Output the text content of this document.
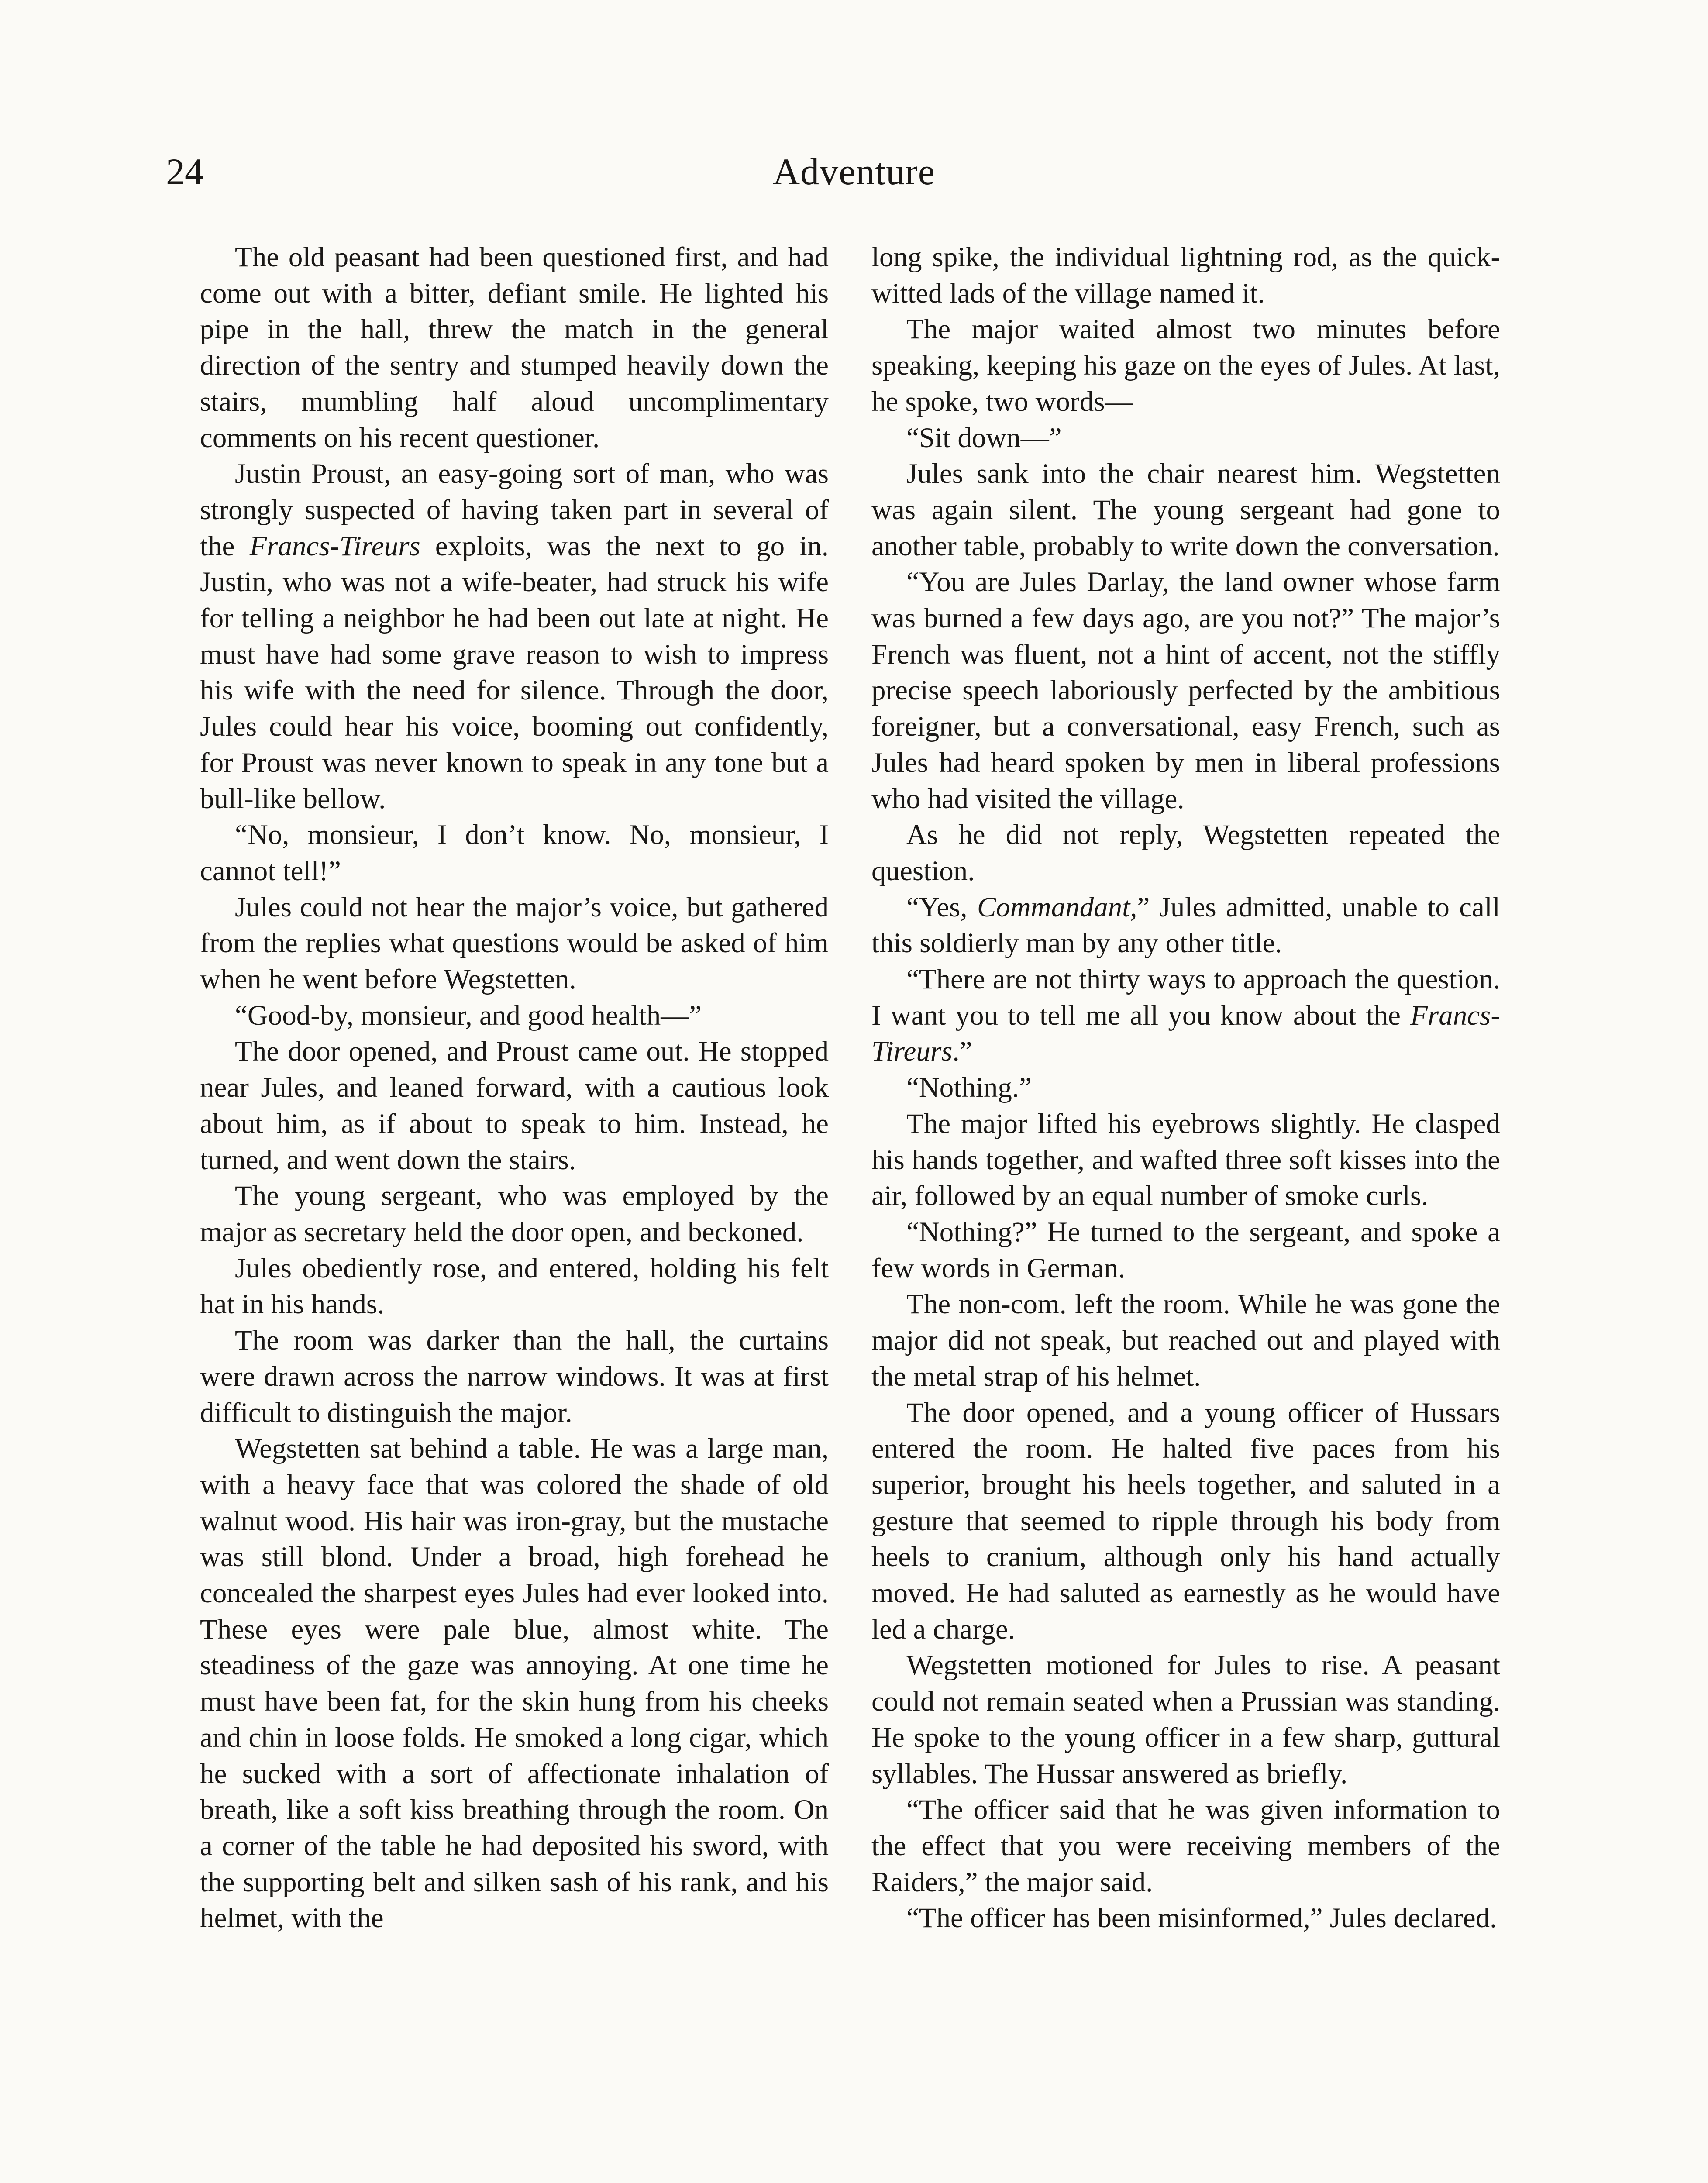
24	Adventure

The old peasant had been questioned first, and had come out with a bitter, defiant smile. He lighted his pipe in the hall, threw the match in the general direction of the sentry and stumped heavily down the stairs, mumbling half aloud uncomplimentary comments on his recent questioner.

Justin Proust, an easy-going sort of man, who was strongly suspected of having taken part in several of the Francs-Tireurs exploits, was the next to go in. Justin, who was not a wife-beater, had struck his wife for telling a neighbor he had been out late at night. He must have had some grave reason to wish to impress his wife with the need for silence. Through the door, Jules could hear his voice, booming out confidently, for Proust was never known to speak in any tone but a bull-like bellow.

“No, monsieur, I don’t know. No, monsieur, I cannot tell!”

Jules could not hear the major’s voice, but gathered from the replies what questions would be asked of him when he went before Wegstetten.

“Good-by, monsieur, and good health—”

The door opened, and Proust came out. He stopped near Jules, and leaned forward, with a cautious look about him, as if about to speak to him. Instead, he turned, and went down the stairs.

The young sergeant, who was employed by the major as secretary held the door open, and beckoned.

Jules obediently rose, and entered, holding his felt hat in his hands.

The room was darker than the hall, the curtains were drawn across the narrow windows. It was at first difficult to distinguish the major.

Wegstetten sat behind a table. He was a large man, with a heavy face that was colored the shade of old walnut wood. His hair was iron-gray, but the mustache was still blond. Under a broad, high forehead he concealed the sharpest eyes Jules had ever looked into. These eyes were pale blue, almost white. The steadiness of the gaze was annoying. At one time he must have been fat, for the skin hung from his cheeks and chin in loose folds. He smoked a long cigar, which he sucked with a sort of affectionate inhalation of breath, like a soft kiss breathing through the room. On a corner of the table he had deposited his sword, with the supporting belt and silken sash of his rank, and his helmet, with the

long spike, the individual lightning rod, as the quick-witted lads of the village named it.

The major waited almost two minutes before speaking, keeping his gaze on the eyes of Jules. At last, he spoke, two words—

“Sit down—”

Jules sank into the chair nearest him. Wegstetten was again silent. The young sergeant had gone to another table, probably to write down the conversation.

“You are Jules Darlay, the land owner whose farm was burned a few days ago, are you not?” The major’s French was fluent, not a hint of accent, not the stiffly precise speech laboriously perfected by the ambitious foreigner, but a conversational, easy French, such as Jules had heard spoken by men in liberal professions who had visited the village.

As he did not reply, Wegstetten repeated the question.

“Yes, Commandant,” Jules admitted, unable to call this soldierly man by any other title.

“There are not thirty ways to approach the question. I want you to tell me all you know about the Francs-Tireurs.”

“Nothing.”

The major lifted his eyebrows slightly. He clasped his hands together, and wafted three soft kisses into the air, followed by an equal number of smoke curls.

“Nothing?” He turned to the sergeant, and spoke a few words in German.

The non-com. left the room. While he was gone the major did not speak, but reached out and played with the metal strap of his helmet.

The door opened, and a young officer of Hussars entered the room. He halted five paces from his superior, brought his heels together, and saluted in a gesture that seemed to ripple through his body from heels to cranium, although only his hand actually moved. He had saluted as earnestly as he would have led a charge.

Wegstetten motioned for Jules to rise. A peasant could not remain seated when a Prussian was standing. He spoke to the young officer in a few sharp, guttural syllables. The Hussar answered as briefly.

“The officer said that he was given information to the effect that you were receiving members of the Raiders,” the major said.

“The officer has been misinformed,” Jules declared.
